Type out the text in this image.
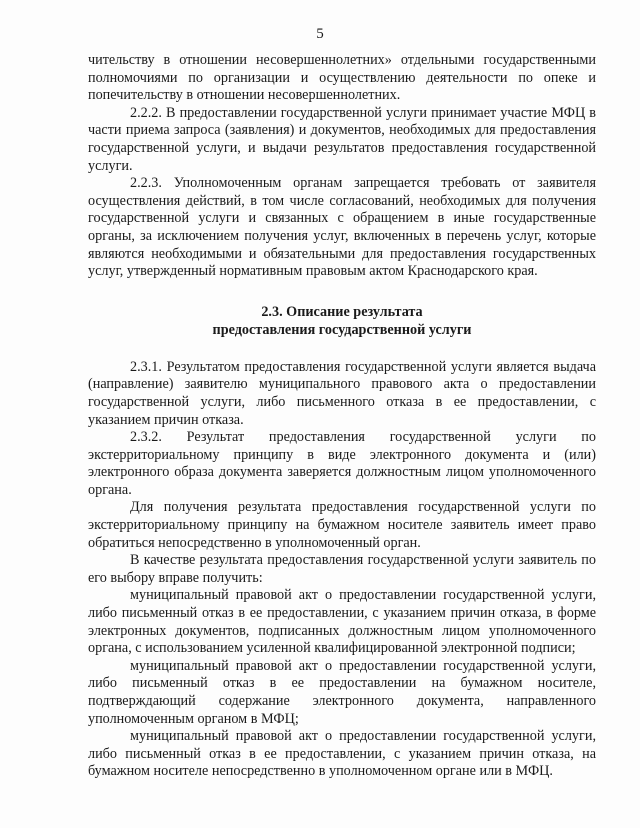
5

чительству в отношении несовершеннолетних» отдельными государственными полномочиями по организации и осуществлению деятельности по опеке и попечительству в отношении несовершеннолетних.

2.2.2. В предоставлении государственной услуги принимает участие МФЦ в части приема запроса (заявления) и документов, необходимых для предоставления государственной услуги, и выдачи результатов предоставления государственной услуги.

2.2.3. Уполномоченным органам запрещается требовать от заявителя осуществления действий, в том числе согласований, необходимых для получения государственной услуги и связанных с обращением в иные государственные органы, за исключением получения услуг, включенных в перечень услуг, которые являются необходимыми и обязательными для предоставления государственных услуг, утвержденный нормативным правовым актом Краснодарского края.

2.3. Описание результата
предоставления государственной услуги

2.3.1. Результатом предоставления государственной услуги является выдача (направление) заявителю муниципального правового акта о предоставлении государственной услуги, либо письменного отказа в ее предоставлении, с указанием причин отказа.

2.3.2. Результат предоставления государственной услуги по экстерриториальному принципу в виде электронного документа и (или) электронного образа документа заверяется должностным лицом уполномоченного органа.

Для получения результата предоставления государственной услуги по экстерриториальному принципу на бумажном носителе заявитель имеет право обратиться непосредственно в уполномоченный орган.

В качестве результата предоставления государственной услуги заявитель по его выбору вправе получить:

муниципальный правовой акт о предоставлении государственной услуги, либо письменный отказ в ее предоставлении, с указанием причин отказа, в форме электронных документов, подписанных должностным лицом уполномоченного органа, с использованием усиленной квалифицированной электронной подписи;

муниципальный правовой акт о предоставлении государственной услуги, либо письменный отказ в ее предоставлении на бумажном носителе, подтверждающий содержание электронного документа, направленного уполномоченным органом в МФЦ;

муниципальный правовой акт о предоставлении государственной услуги, либо письменный отказ в ее предоставлении, с указанием причин отказа, на бумажном носителе непосредственно в уполномоченном органе или в МФЦ.
